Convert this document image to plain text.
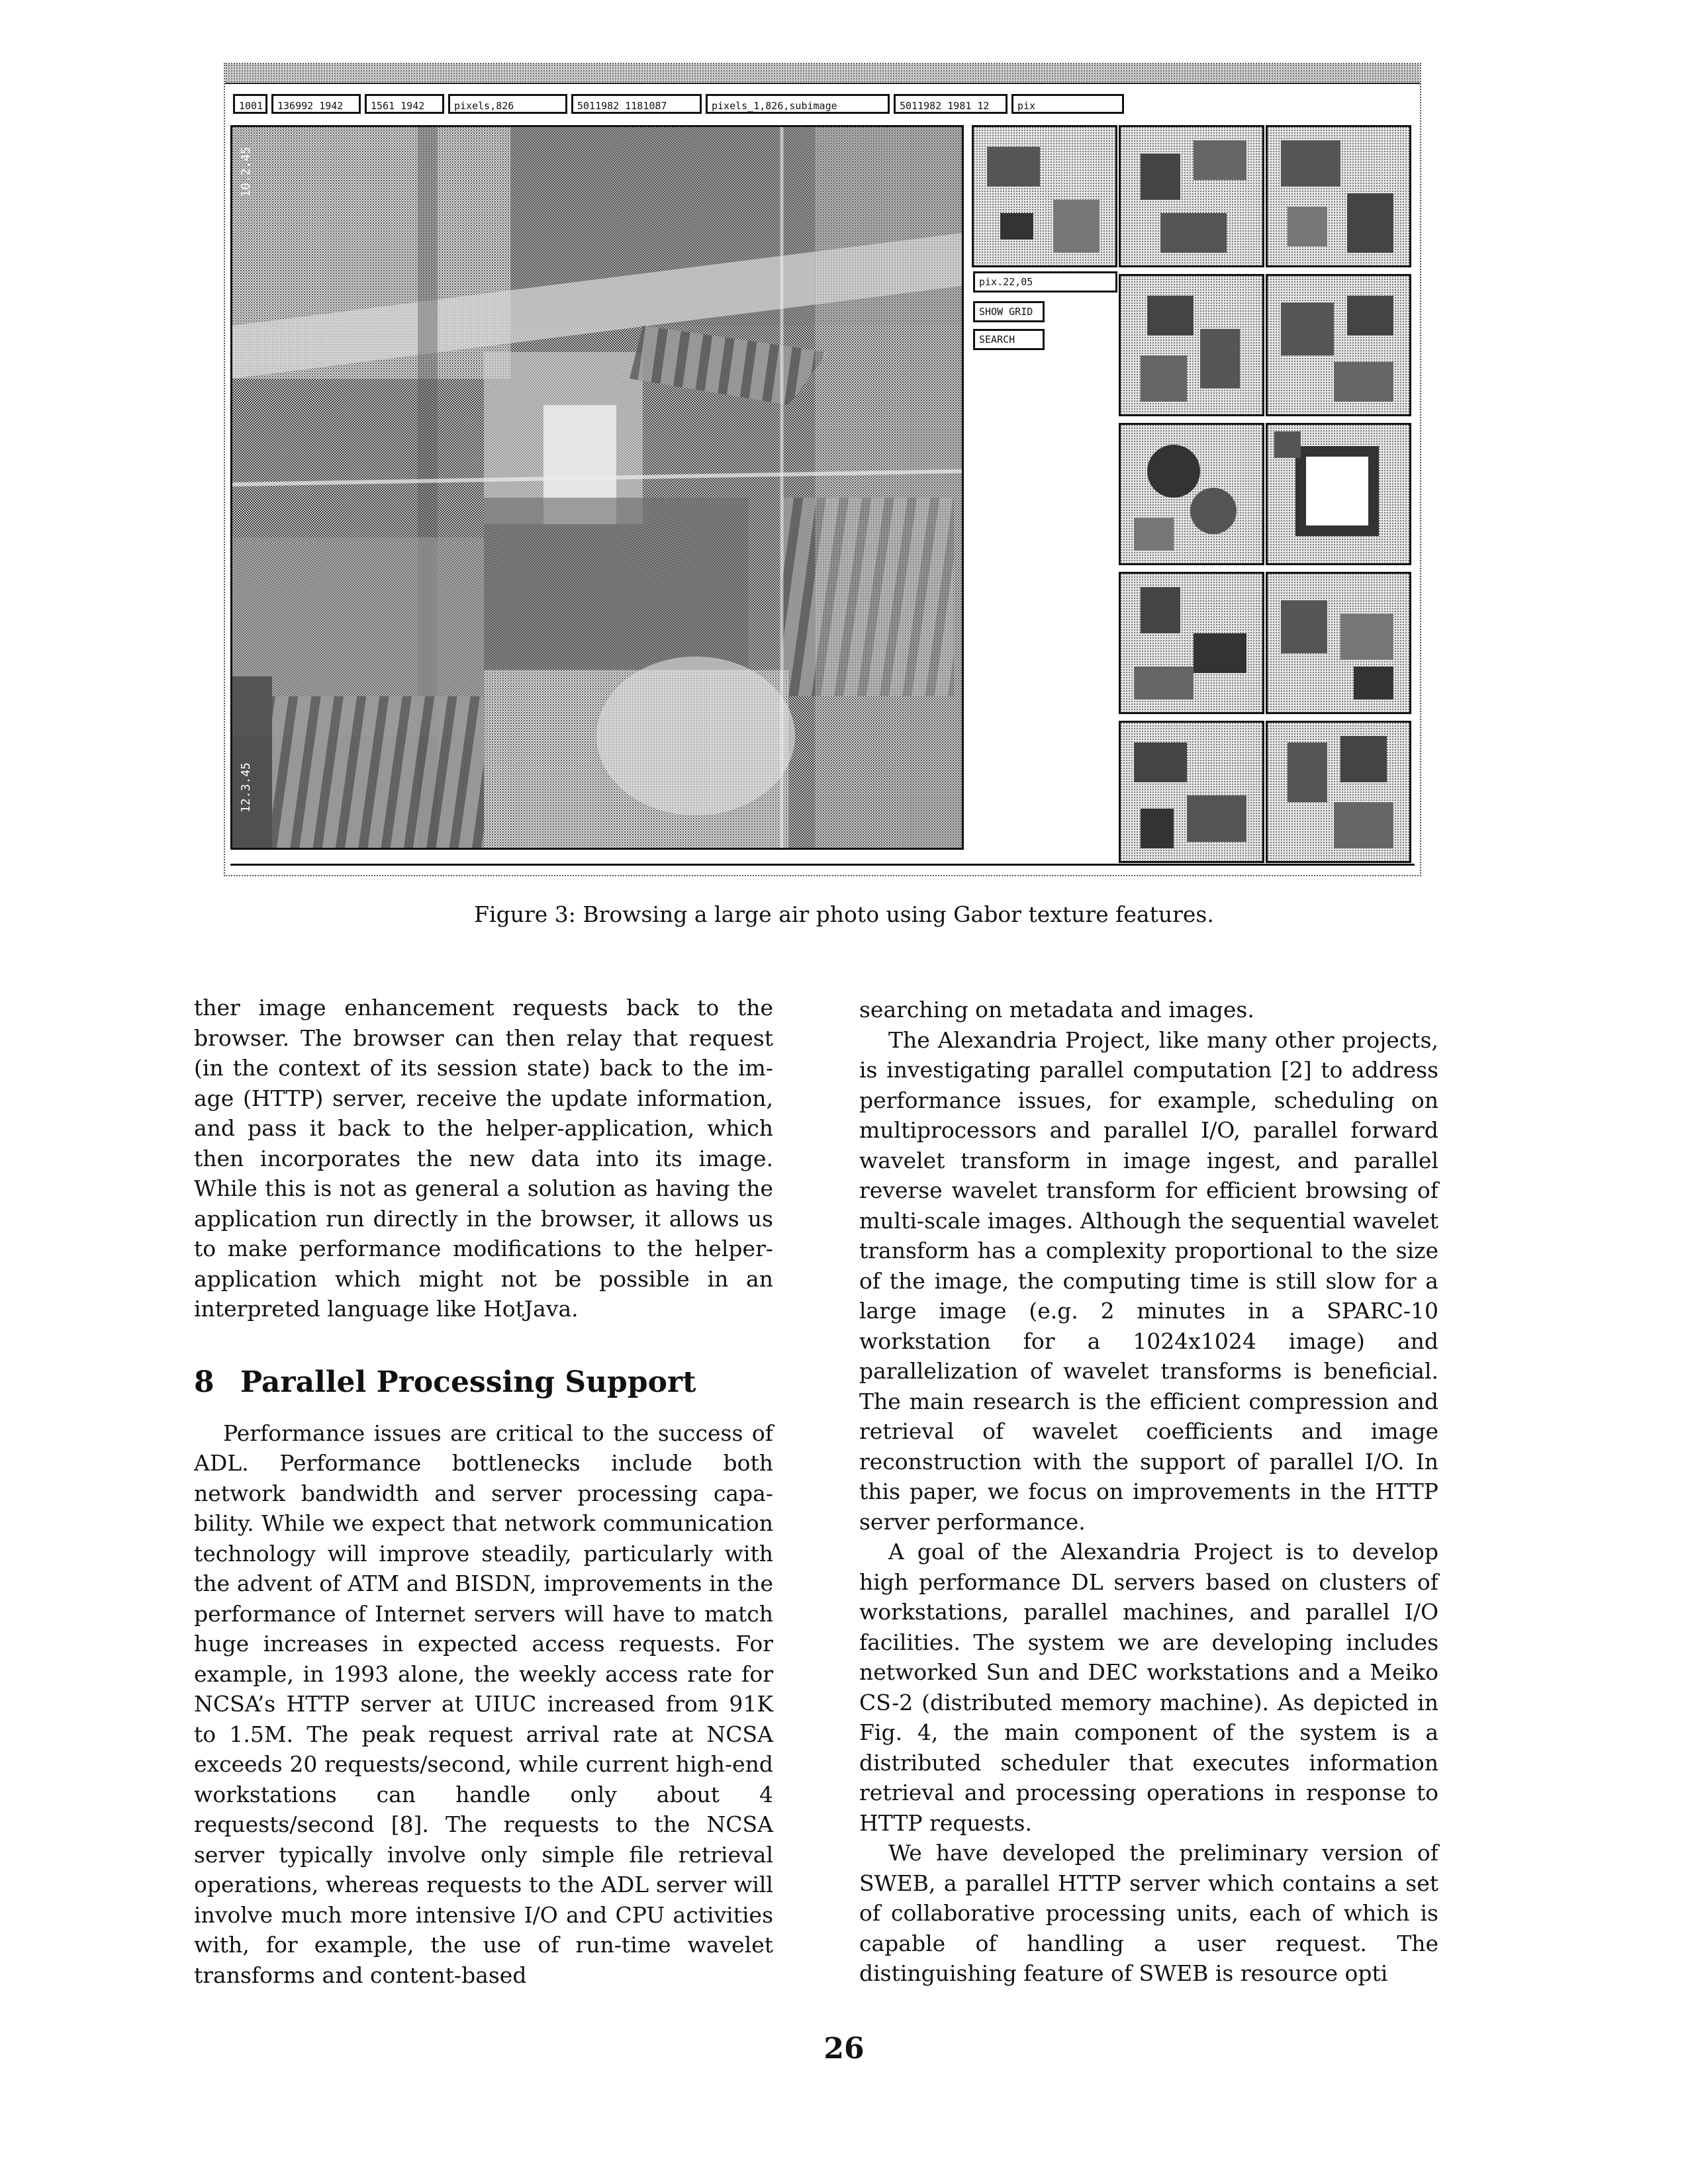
1001	136992 1942	1561 1942	pixels,826	5011982 1181087	pixels_1,826,subimage	5011982 1981 12	pix
10.2.45
12.3.45
pix.22,05
SHOW GRID
SEARCH
Figure 3: Browsing a large air photo using Gabor texture features.

ther image enhancement requests back to the browser. The browser can then relay that request (in the context of its session state) back to the image (HTTP) server, receive the update information, and pass it back to the helper-application, which then incorporates the new data into its image. While this is not as general a solution as having the application run directly in the browser, it allows us to make performance modifications to the helper-application which might not be possible in an interpreted language like HotJava.

8 Parallel Processing Support

Performance issues are critical to the success of ADL. Performance bottlenecks include both network bandwidth and server processing capability. While we expect that network communication technology will improve steadily, particularly with the advent of ATM and BISDN, improvements in the performance of Internet servers will have to match huge increases in expected access requests. For example, in 1993 alone, the weekly access rate for NCSA’s HTTP server at UIUC increased from 91K to 1.5M. The peak request arrival rate at NCSA exceeds 20 requests/second, while current high-end workstations can handle only about 4 requests/second [8]. The requests to the NCSA server typically involve only simple file retrieval operations, whereas requests to the ADL server will involve much more intensive I/O and CPU activities with, for example, the use of run-time wavelet transforms and content-based

searching on metadata and images.

The Alexandria Project, like many other projects, is investigating parallel computation [2] to address performance issues, for example, scheduling on multiprocessors and parallel I/O, parallel forward wavelet transform in image ingest, and parallel reverse wavelet transform for efficient browsing of multi-scale images. Although the sequential wavelet transform has a complexity proportional to the size of the image, the computing time is still slow for a large image (e.g. 2 minutes in a SPARC-10 workstation for a 1024x1024 image) and parallelization of wavelet transforms is beneficial. The main research is the efficient compression and retrieval of wavelet coefficients and image reconstruction with the support of parallel I/O. In this paper, we focus on improvements in the HTTP server performance.

A goal of the Alexandria Project is to develop high performance DL servers based on clusters of workstations, parallel machines, and parallel I/O facilities. The system we are developing includes networked Sun and DEC workstations and a Meiko CS-2 (distributed memory machine). As depicted in Fig. 4, the main component of the system is a distributed scheduler that executes information retrieval and processing operations in response to HTTP requests.

We have developed the preliminary version of SWEB, a parallel HTTP server which contains a set of collaborative processing units, each of which is capable of handling a user request. The distinguishing feature of SWEB is resource opti

26
